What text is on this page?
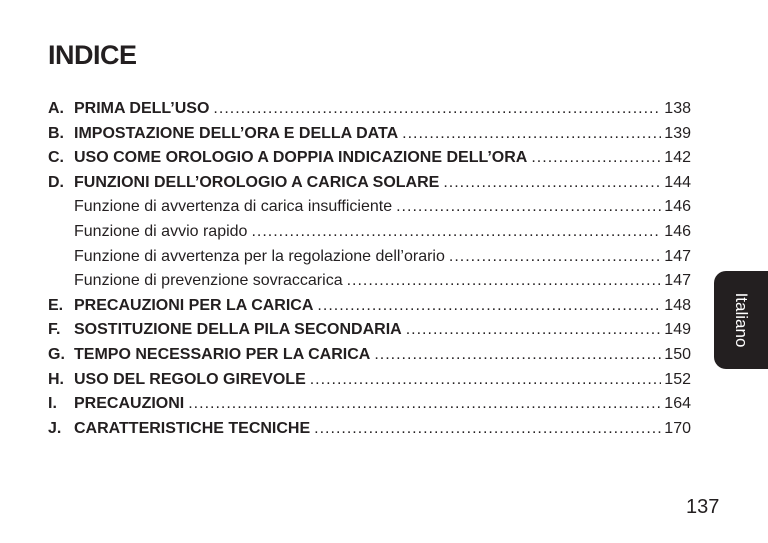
INDICE
A. PRIMA DELL’USO .....	138
B. IMPOSTAZIONE DELL’ORA E DELLA DATA .....	139
C. USO COME OROLOGIO A DOPPIA INDICAZIONE DELL’ORA .....	142
D. FUNZIONI DELL’OROLOGIO A CARICA SOLARE .....	144
Funzione di avvertenza di carica insufficiente .....	146
Funzione di avvio rapido .....	146
Funzione di avvertenza per la regolazione dell’orario .....	147
Funzione di prevenzione sovraccarica .....	147
E. PRECAUZIONI PER LA CARICA .....	148
F. SOSTITUZIONE DELLA PILA SECONDARIA .....	149
G. TEMPO NECESSARIO PER LA CARICA .....	150
H. USO DEL REGOLO GIREVOLE .....	152
I.	PRECAUZIONI .....	164
J. CARATTERISTICHE TECNICHE .....	170
Italiano
137
